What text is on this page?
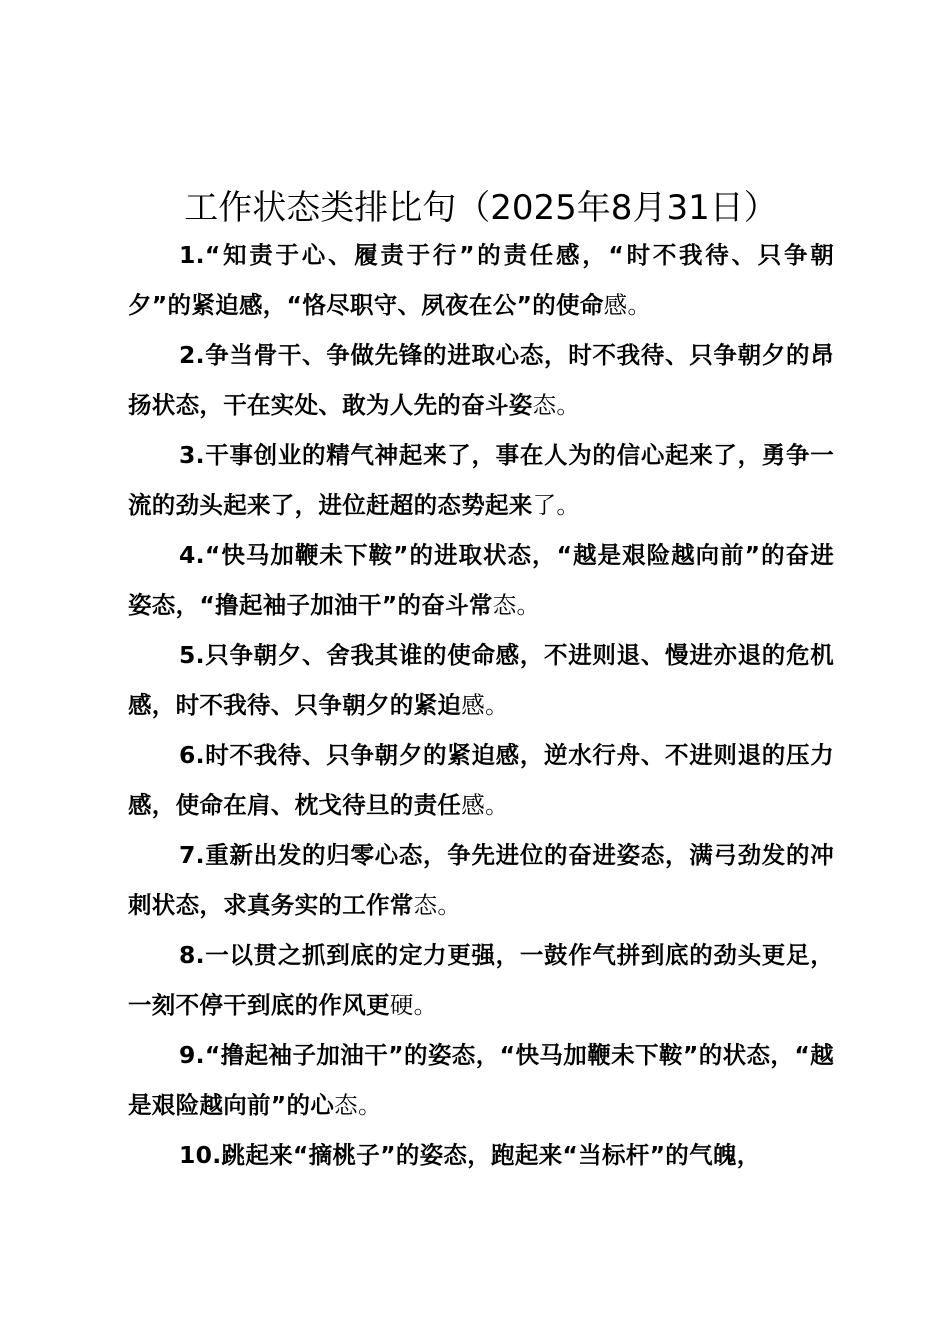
工作状态类排比句（2025年8月31日）

1.“知责于心、履责于行”的责任感，“时不我待、只争朝夕”的紧迫感，“恪尽职守、夙夜在公”的使命感。

2.争当骨干、争做先锋的进取心态，时不我待、只争朝夕的昂扬状态，干在实处、敢为人先的奋斗姿态。

3.干事创业的精气神起来了，事在人为的信心起来了，勇争一流的劲头起来了，进位赶超的态势起来了。

4.“快马加鞭未下鞍”的进取状态，“越是艰险越向前”的奋进姿态，“撸起袖子加油干”的奋斗常态。

5.只争朝夕、舍我其谁的使命感，不进则退、慢进亦退的危机感，时不我待、只争朝夕的紧迫感。

6.时不我待、只争朝夕的紧迫感，逆水行舟、不进则退的压力感，使命在肩、枕戈待旦的责任感。

7.重新出发的归零心态，争先进位的奋进姿态，满弓劲发的冲刺状态，求真务实的工作常态。

8.一以贯之抓到底的定力更强，一鼓作气拼到底的劲头更足，一刻不停干到底的作风更硬。

9.“撸起袖子加油干”的姿态，“快马加鞭未下鞍”的状态，“越是艰险越向前”的心态。

10.跳起来“摘桃子”的姿态，跑起来“当标杆”的气魄，
